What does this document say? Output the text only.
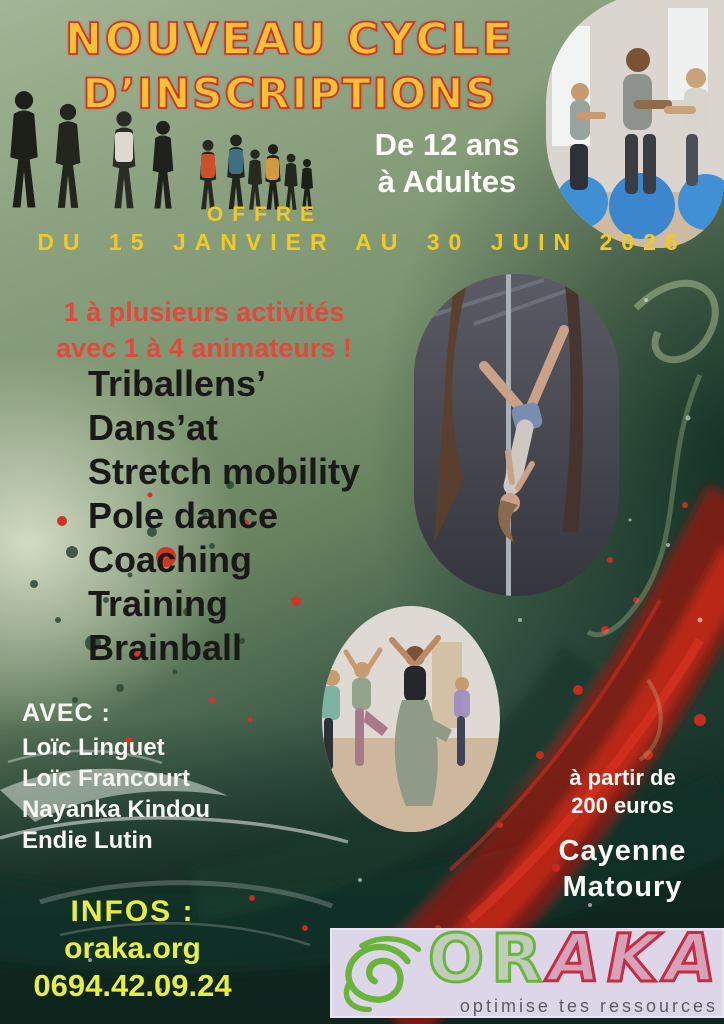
NOUVEAU CYCLE
D’INSCRIPTIONS
De 12 ans
à Adultes
OFFRE
DU 15 JANVIER AU 30 JUIN 2026
1 à plusieurs activités
avec 1 à 4 animateurs !
Triballens’
Dans’at
Stretch mobility
Pole dance
Coaching
Training
Brainball
AVEC :
Loïc Linguet
Loïc Francourt
Nayanka Kindou
Endie Lutin
à partir de
200 euros
Cayenne
Matoury
INFOS :
oraka.org
0694.42.09.24	ORAKA
optimise tes ressources
